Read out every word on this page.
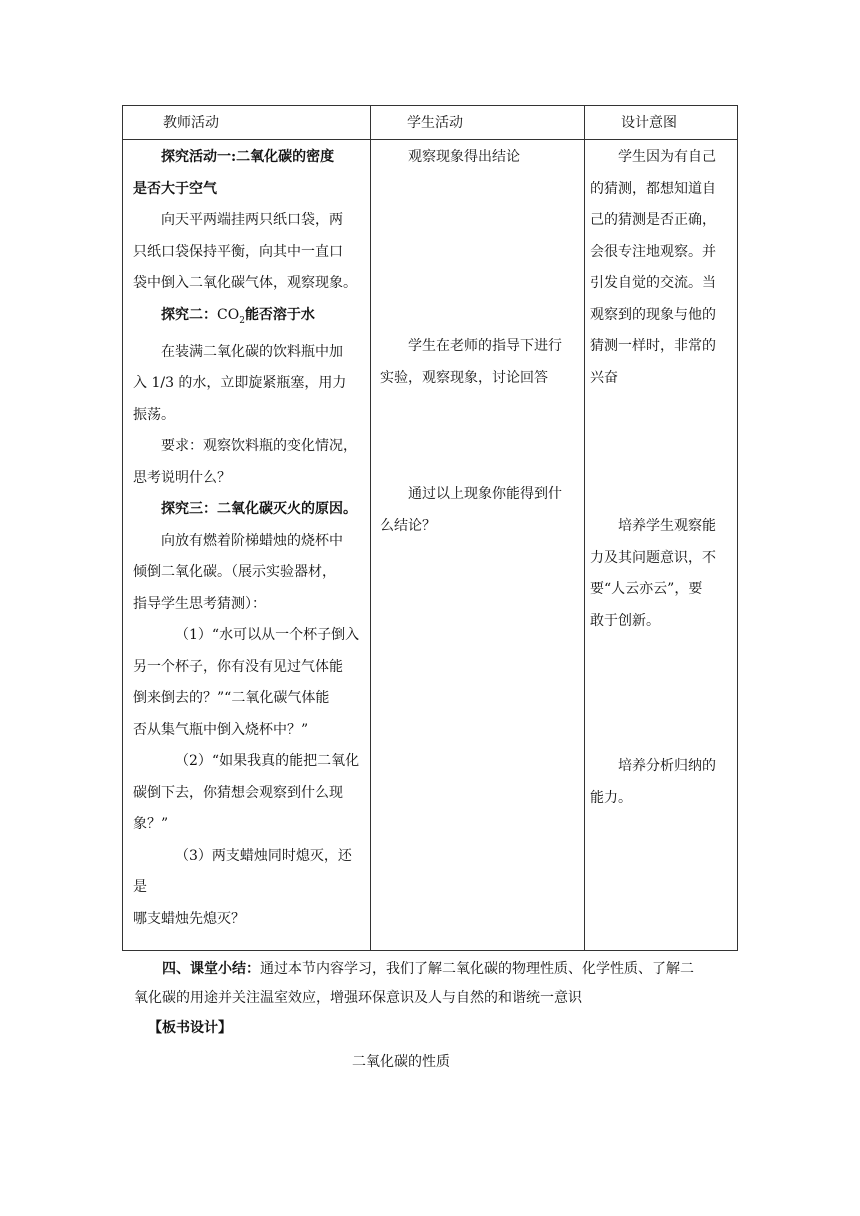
教师活动	学生活动	设计意图

探究活动一:二氧化碳的密度

是否大于空气

向天平两端挂两只纸口袋，两

只纸口袋保持平衡，向其中一直口

袋中倒入二氧化碳气体，观察现象。

探究二：$CO_2$能否溶于水

在装满二氧化碳的饮料瓶中加

入 1/3 的水，立即旋紧瓶塞，用力

振荡。

要求：观察饮料瓶的变化情况，

思考说明什么？

探究三：二氧化碳灭火的原因。

向放有燃着阶梯蜡烛的烧杯中

倾倒二氧化碳。（展示实验器材，

指导学生思考猜测）：

（1）“水可以从一个杯子倒入

另一个杯子，你有没有见过气体能

倒来倒去的？”“二氧化碳气体能

否从集气瓶中倒入烧杯中？”

（2）“如果我真的能把二氧化

碳倒下去，你猜想会观察到什么现

象？”

（3）两支蜡烛同时熄灭，还是

哪支蜡烛先熄灭？

观察现象得出结论

学生在老师的指导下进行

实验，观察现象，讨论回答

通过以上现象你能得到什

么结论？

学生因为有自己

的猜测，都想知道自

己的猜测是否正确，

会很专注地观察。并

引发自觉的交流。当

观察到的现象与他的

猜测一样时，非常的

兴奋

培养学生观察能

力及其问题意识，不

要“人云亦云”，要

敢于创新。

培养分析归纳的

能力。

四、课堂小结：通过本节内容学习，我们了解二氧化碳的物理性质、化学性质、了解二

氧化碳的用途并关注温室效应，增强环保意识及人与自然的和谐统一意识

【板书设计】
二氧化碳的性质
